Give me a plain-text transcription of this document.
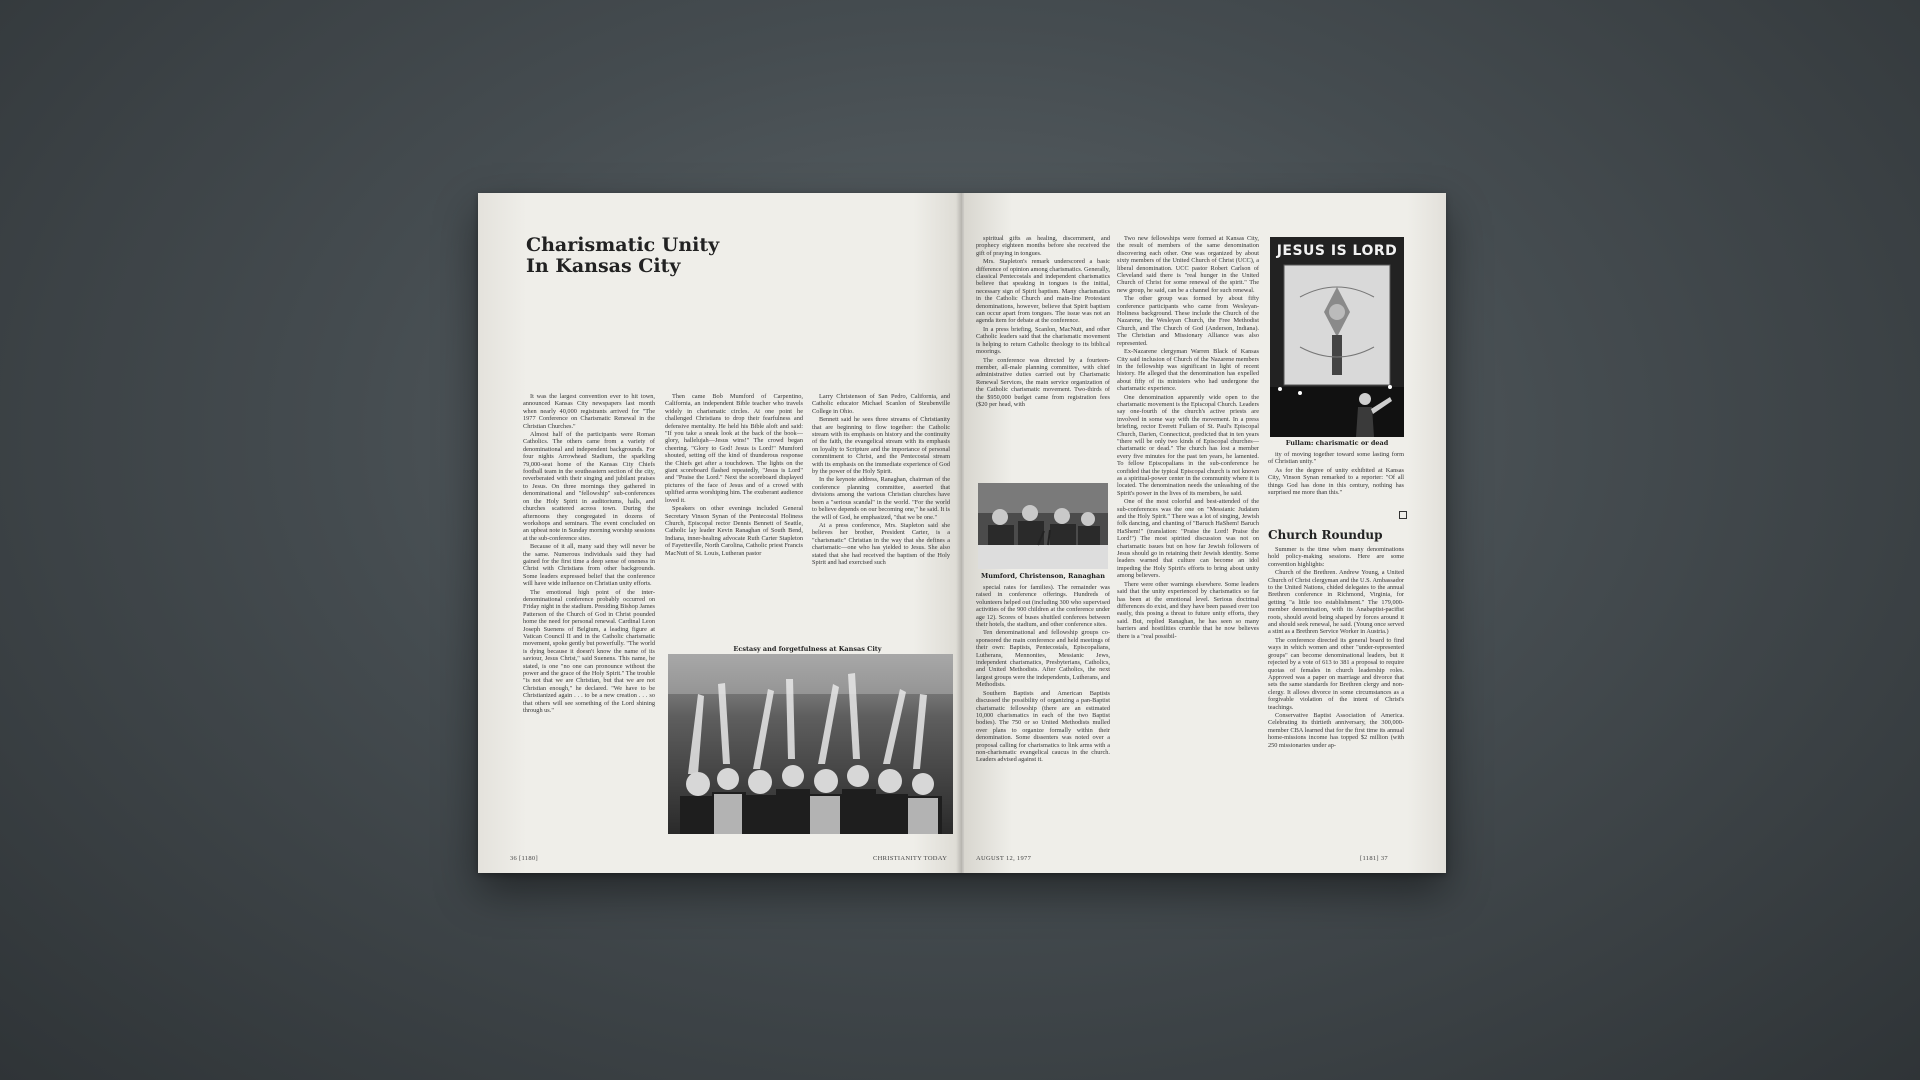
Charismatic Unity
In Kansas City

It was the largest convention ever to hit town, announced Kansas City newspapers last month when nearly 40,000 registrants arrived for "The 1977 Conference on Charismatic Renewal in the Christian Churches."

Almost half of the participants were Roman Catholics. The others came from a variety of denominational and independent backgrounds. For four nights Arrowhead Stadium, the sparkling 79,000-seat home of the Kansas City Chiefs football team in the southeastern section of the city, reverberated with their singing and jubilant praises to Jesus. On three mornings they gathered in denominational and "fellowship" sub-conferences on the Holy Spirit in auditoriums, halls, and churches scattered across town. During the afternoons they congregated in dozens of workshops and seminars. The event concluded on an upbeat note in Sunday morning worship sessions at the sub-conference sites.

Because of it all, many said they will never be the same. Numerous individuals said they had gained for the first time a deep sense of oneness in Christ with Christians from other backgrounds. Some leaders expressed belief that the conference will have wide influence on Christian unity efforts.

The emotional high point of the inter-denominational conference probably occurred on Friday night in the stadium. Presiding Bishop James Patterson of the Church of God in Christ pounded home the need for personal renewal. Cardinal Leon Joseph Suenens of Belgium, a leading figure at Vatican Council II and in the Catholic charismatic movement, spoke gently but powerfully. "The world is dying because it doesn't know the name of its saviour, Jesus Christ," said Suenens. This name, he stated, is one "no one can pronounce without the power and the grace of the Holy Spirit." The trouble "is not that we are Christian, but that we are not Christian enough," he declared. "We have to be Christianized again . . . to be a new creation . . . so that others will see something of the Lord shining through us."

Then came Bob Mumford of Carpentino, California, an independent Bible teacher who travels widely in charismatic circles. At one point he challenged Christians to drop their fearfulness and defensive mentality. He held his Bible aloft and said: "If you take a sneak look at the back of the book—glory, hallelujah—Jesus wins!" The crowd began cheering. "Glory to God! Jesus is Lord!" Mumford shouted, setting off the kind of thunderous response the Chiefs get after a touchdown. The lights on the giant scoreboard flashed repeatedly, "Jesus is Lord" and "Praise the Lord." Next the scoreboard displayed pictures of the face of Jesus and of a crowd with uplifted arms worshiping him. The exuberant audience loved it.

Speakers on other evenings included General Secretary Vinson Synan of the Pentecostal Holiness Church, Episcopal rector Dennis Bennett of Seattle, Catholic lay leader Kevin Ranaghan of South Bend, Indiana, inner-healing advocate Ruth Carter Stapleton of Fayetteville, North Carolina, Catholic priest Francis MacNutt of St. Louis, Lutheran pastor

Larry Christenson of San Pedro, California, and Catholic educator Michael Scanlon of Steubenville College in Ohio.

Bennett said he sees three streams of Christianity that are beginning to flow together: the Catholic stream with its emphasis on history and the continuity of the faith, the evangelical stream with its emphasis on loyalty to Scripture and the importance of personal commitment to Christ, and the Pentecostal stream with its emphasis on the immediate experience of God by the power of the Holy Spirit.

In the keynote address, Ranaghan, chairman of the conference planning committee, asserted that divisions among the various Christian churches have been a "serious scandal" in the world. "For the world to believe depends on our becoming one," he said. It is the will of God, he emphasized, "that we be one."

At a press conference, Mrs. Stapleton said she believes her brother, President Carter, is a "charismatic" Christian in the way that she defines a charismatic—one who has yielded to Jesus. She also stated that she had received the baptism of the Holy Spirit and had exercised such

Ecstasy and forgetfulness at Kansas City
36 [1180]	CHRISTIANITY TODAY

spiritual gifts as healing, discernment, and prophecy eighteen months before she received the gift of praying in tongues.

Mrs. Stapleton's remark underscored a basic difference of opinion among charismatics. Generally, classical Pentecostals and independent charismatics believe that speaking in tongues is the initial, necessary sign of Spirit baptism. Many charismatics in the Catholic Church and main-line Protestant denominations, however, believe that Spirit baptism can occur apart from tongues. The issue was not an agenda item for debate at the conference.

In a press briefing, Scanlon, MacNutt, and other Catholic leaders said that the charismatic movement is helping to return Catholic theology to its biblical moorings.

The conference was directed by a fourteen-member, all-male planning committee, with chief administrative duties carried out by Charismatic Renewal Services, the main service organization of the Catholic charismatic movement. Two-thirds of the $950,000 budget came from registration fees ($20 per head, with

Mumford, Christenson, Ranaghan

special rates for families). The remainder was raised in conference offerings. Hundreds of volunteers helped out (including 300 who supervised activities of the 900 children at the conference under age 12). Scores of buses shuttled conferees between their hotels, the stadium, and other conference sites.

Ten denominational and fellowship groups co-sponsored the main conference and held meetings of their own: Baptists, Pentecostals, Episcopalians, Lutherans, Mennonites, Messianic Jews, independent charismatics, Presbyterians, Catholics, and United Methodists. After Catholics, the next largest groups were the independents, Lutherans, and Methodists.

Southern Baptists and American Baptists discussed the possibility of organizing a pan-Baptist charismatic fellowship (there are an estimated 10,000 charismatics in each of the two Baptist bodies). The 750 or so United Methodists mulled over plans to organize formally within their denomination. Some dissenters was noted over a proposal calling for charismatics to link arms with a non-charismatic evangelical caucus in the church. Leaders advised against it.

Two new fellowships were formed at Kansas City, the result of members of the same denomination discovering each other. One was organized by about sixty members of the United Church of Christ (UCC), a liberal denomination. UCC pastor Robert Carlson of Cleveland said there is "real hunger in the United Church of Christ for some renewal of the spirit." The new group, he said, can be a channel for such renewal.

The other group was formed by about fifty conference participants who came from Wesleyan-Holiness background. These include the Church of the Nazarene, the Wesleyan Church, the Free Methodist Church, and The Church of God (Anderson, Indiana). The Christian and Missionary Alliance was also represented.

Ex-Nazarene clergyman Warren Black of Kansas City said inclusion of Church of the Nazarene members in the fellowship was significant in light of recent history. He alleged that the denomination has expelled about fifty of its ministers who had undergone the charismatic experience.

One denomination apparently wide open to the charismatic movement is the Episcopal Church. Leaders say one-fourth of the church's active priests are involved in some way with the movement. In a press briefing, rector Everett Fullam of St. Paul's Episcopal Church, Darien, Connecticut, predicted that in ten years "there will be only two kinds of Episcopal churches—charismatic or dead." The church has lost a member every five minutes for the past ten years, he lamented. To fellow Episcopalians in the sub-conference he confided that the typical Episcopal church is not known as a spiritual-power center in the community where it is located. The denomination needs the unleashing of the Spirit's power in the lives of its members, he said.

One of the most colorful and best-attended of the sub-conferences was the one on "Messianic Judaism and the Holy Spirit." There was a lot of singing, Jewish folk dancing, and chanting of "Baruch HaShem! Baruch HaShem!" (translation: "Praise the Lord! Praise the Lord!") The most spirited discussion was not on charismatic issues but on how far Jewish followers of Jesus should go in retaining their Jewish identity. Some leaders warned that culture can become an idol impeding the Holy Spirit's efforts to bring about unity among believers.

There were other warnings elsewhere. Some leaders said that the unity experienced by charismatics so far has been at the emotional level. Serious doctrinal differences do exist, and they have been passed over too easily, this posing a threat to future unity efforts, they said. But, replied Ranaghan, he has seen so many barriers and hostilities crumble that he now believes there is a "real possibil-

JESUS IS LORD
Fullam: charismatic or dead

ity of moving together toward some lasting form of Christian unity."

As for the degree of unity exhibited at Kansas City, Vinson Synan remarked to a reporter: "Of all things God has done in this century, nothing has surprised me more than this."

Church Roundup

Summer is the time when many denominations hold policy-making sessions. Here are some convention highlights:

Church of the Brethren. Andrew Young, a United Church of Christ clergyman and the U.S. Ambassador to the United Nations, chided delegates to the annual Brethren conference in Richmond, Virginia, for getting "a little too establishment." The 179,000-member denomination, with its Anabaptist-pacifist roots, should avoid being shaped by forces around it and should seek renewal, he said. (Young once served a stint as a Brethren Service Worker in Austria.)

The conference directed its general board to find ways in which women and other "under-represented groups" can become denominational leaders, but it rejected by a vote of 613 to 381 a proposal to require quotas of females in church leadership roles. Approved was a paper on marriage and divorce that sets the same standards for Brethren clergy and non-clergy. It allows divorce in some circumstances as a forgivable violation of the intent of Christ's teachings.

Conservative Baptist Association of America. Celebrating its thirtieth anniversary, the 300,000-member CBA learned that for the first time its annual home-missions income has topped $2 million (with 250 missionaries under ap-

AUGUST 12, 1977	[1181] 37
